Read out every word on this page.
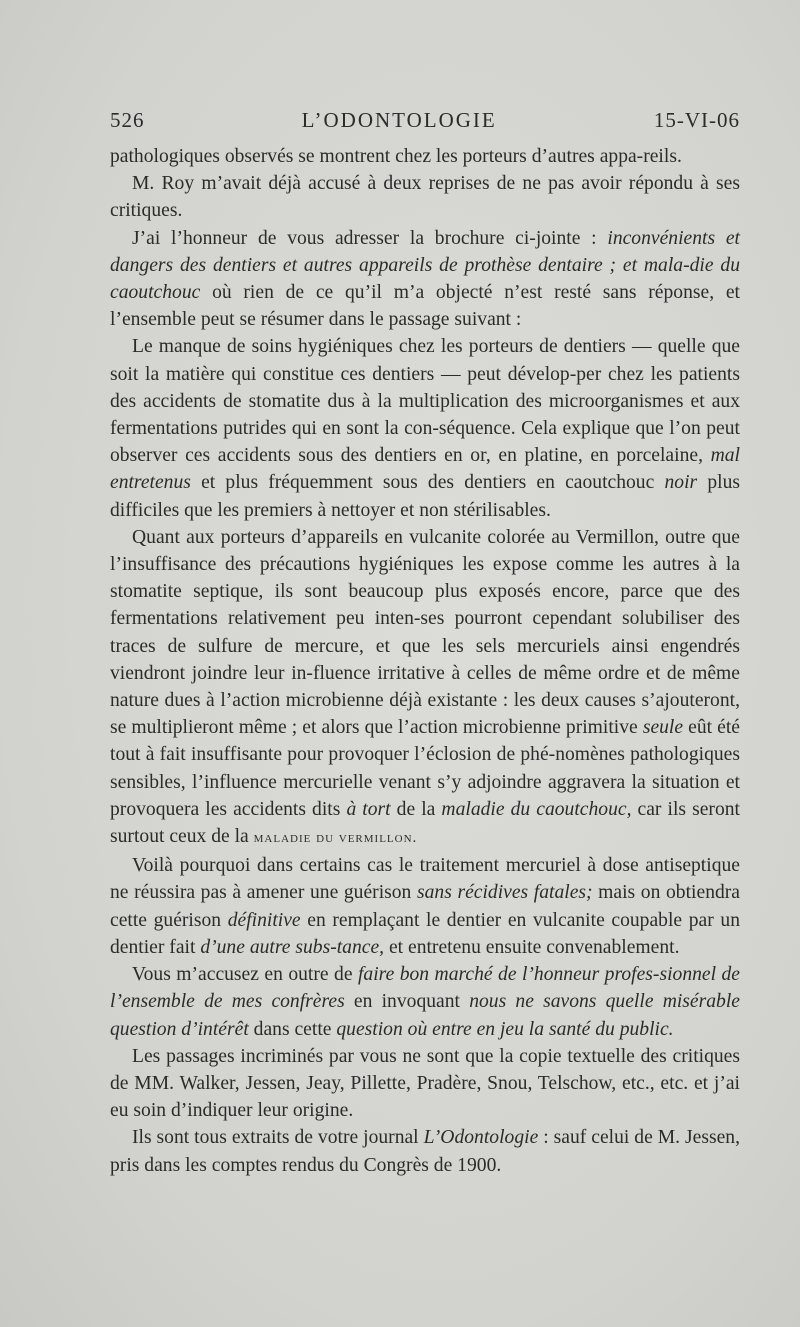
526	L’ODONTOLOGIE	15-VI-06

pathologiques observés se montrent chez les porteurs d’autres appa-reils.

M. Roy m’avait déjà accusé à deux reprises de ne pas avoir répondu à ses critiques.

J’ai l’honneur de vous adresser la brochure ci-jointe : inconvénients et dangers des dentiers et autres appareils de prothèse dentaire ; et mala-die du caoutchouc où rien de ce qu’il m’a objecté n’est resté sans réponse, et l’ensemble peut se résumer dans le passage suivant :

Le manque de soins hygiéniques chez les porteurs de dentiers — quelle que soit la matière qui constitue ces dentiers — peut dévelop-per chez les patients des accidents de stomatite dus à la multiplication des microorganismes et aux fermentations putrides qui en sont la con-séquence. Cela explique que l’on peut observer ces accidents sous des dentiers en or, en platine, en porcelaine, mal entretenus et plus fréquemment sous des dentiers en caoutchouc noir plus difficiles que les premiers à nettoyer et non stérilisables.

Quant aux porteurs d’appareils en vulcanite colorée au Vermillon, outre que l’insuffisance des précautions hygiéniques les expose comme les autres à la stomatite septique, ils sont beaucoup plus exposés encore, parce que des fermentations relativement peu inten-ses pourront cependant solubiliser des traces de sulfure de mercure, et que les sels mercuriels ainsi engendrés viendront joindre leur in-fluence irritative à celles de même ordre et de même nature dues à l’action microbienne déjà existante : les deux causes s’ajouteront, se multiplieront même ; et alors que l’action microbienne primitive seule eût été tout à fait insuffisante pour provoquer l’éclosion de phé-nomènes pathologiques sensibles, l’influence mercurielle venant s’y adjoindre aggravera la situation et provoquera les accidents dits à tort de la maladie du caoutchouc, car ils seront surtout ceux de la maladie du vermillon.

Voilà pourquoi dans certains cas le traitement mercuriel à dose antiseptique ne réussira pas à amener une guérison sans récidives fatales; mais on obtiendra cette guérison définitive en remplaçant le dentier en vulcanite coupable par un dentier fait d’une autre subs-tance, et entretenu ensuite convenablement.

Vous m’accusez en outre de faire bon marché de l’honneur profes-sionnel de l’ensemble de mes confrères en invoquant nous ne savons quelle misérable question d’intérêt dans cette question où entre en jeu la santé du public.

Les passages incriminés par vous ne sont que la copie textuelle des critiques de MM. Walker, Jessen, Jeay, Pillette, Pradère, Snou, Telschow, etc., etc. et j’ai eu soin d’indiquer leur origine.

Ils sont tous extraits de votre journal L’Odontologie : sauf celui de M. Jessen, pris dans les comptes rendus du Congrès de 1900.
